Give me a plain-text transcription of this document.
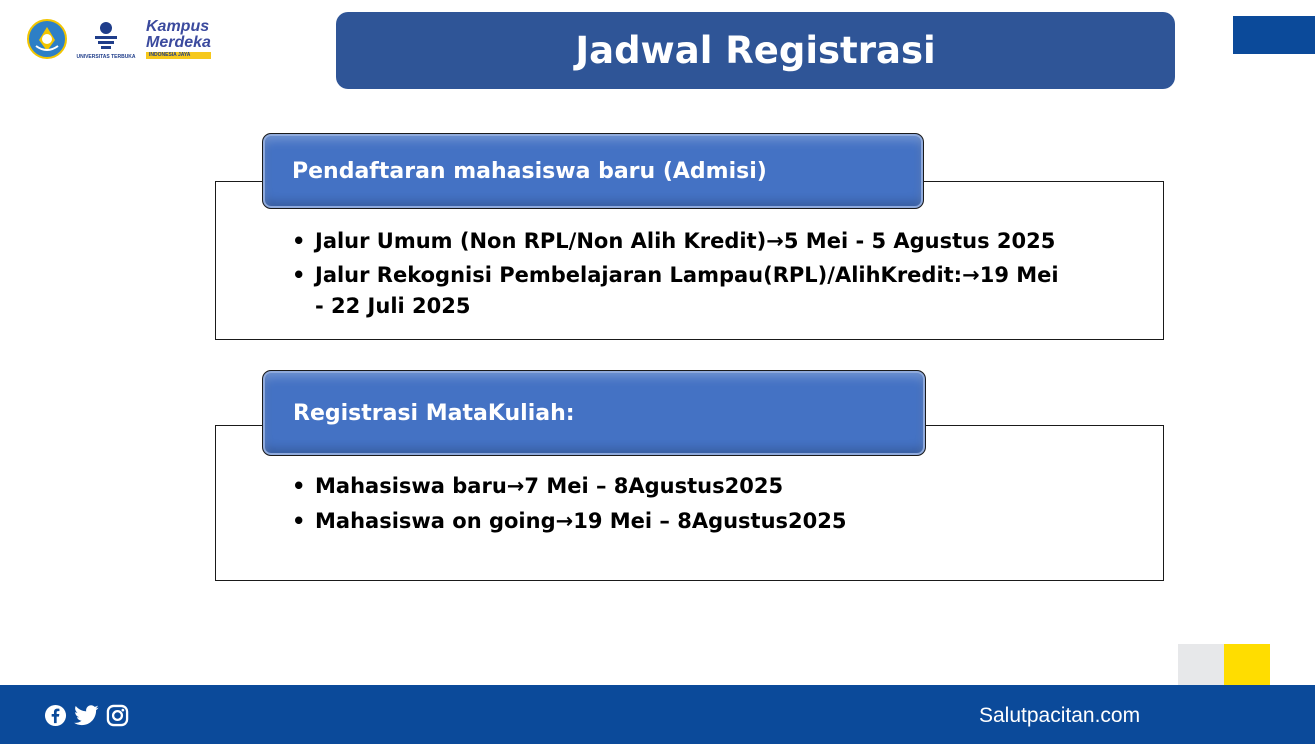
UNIVERSITAS TERBUKA
Kampus
Merdeka
INDONESIA JAYA	Jadwal Registrasi
Pendaftaran mahasiswa baru (Admisi)
• Jalur Umum (Non RPL/Non Alih Kredit)→5 Mei - 5 Agustus 2025
• Jalur Rekognisi Pembelajaran Lampau(RPL)/AlihKredit:→19 Mei - 22 Juli 2025
Registrasi MataKuliah:
• Mahasiswa baru→7 Mei – 8Agustus2025
• Mahasiswa on going→19 Mei – 8Agustus2025
Salutpacitan.com
